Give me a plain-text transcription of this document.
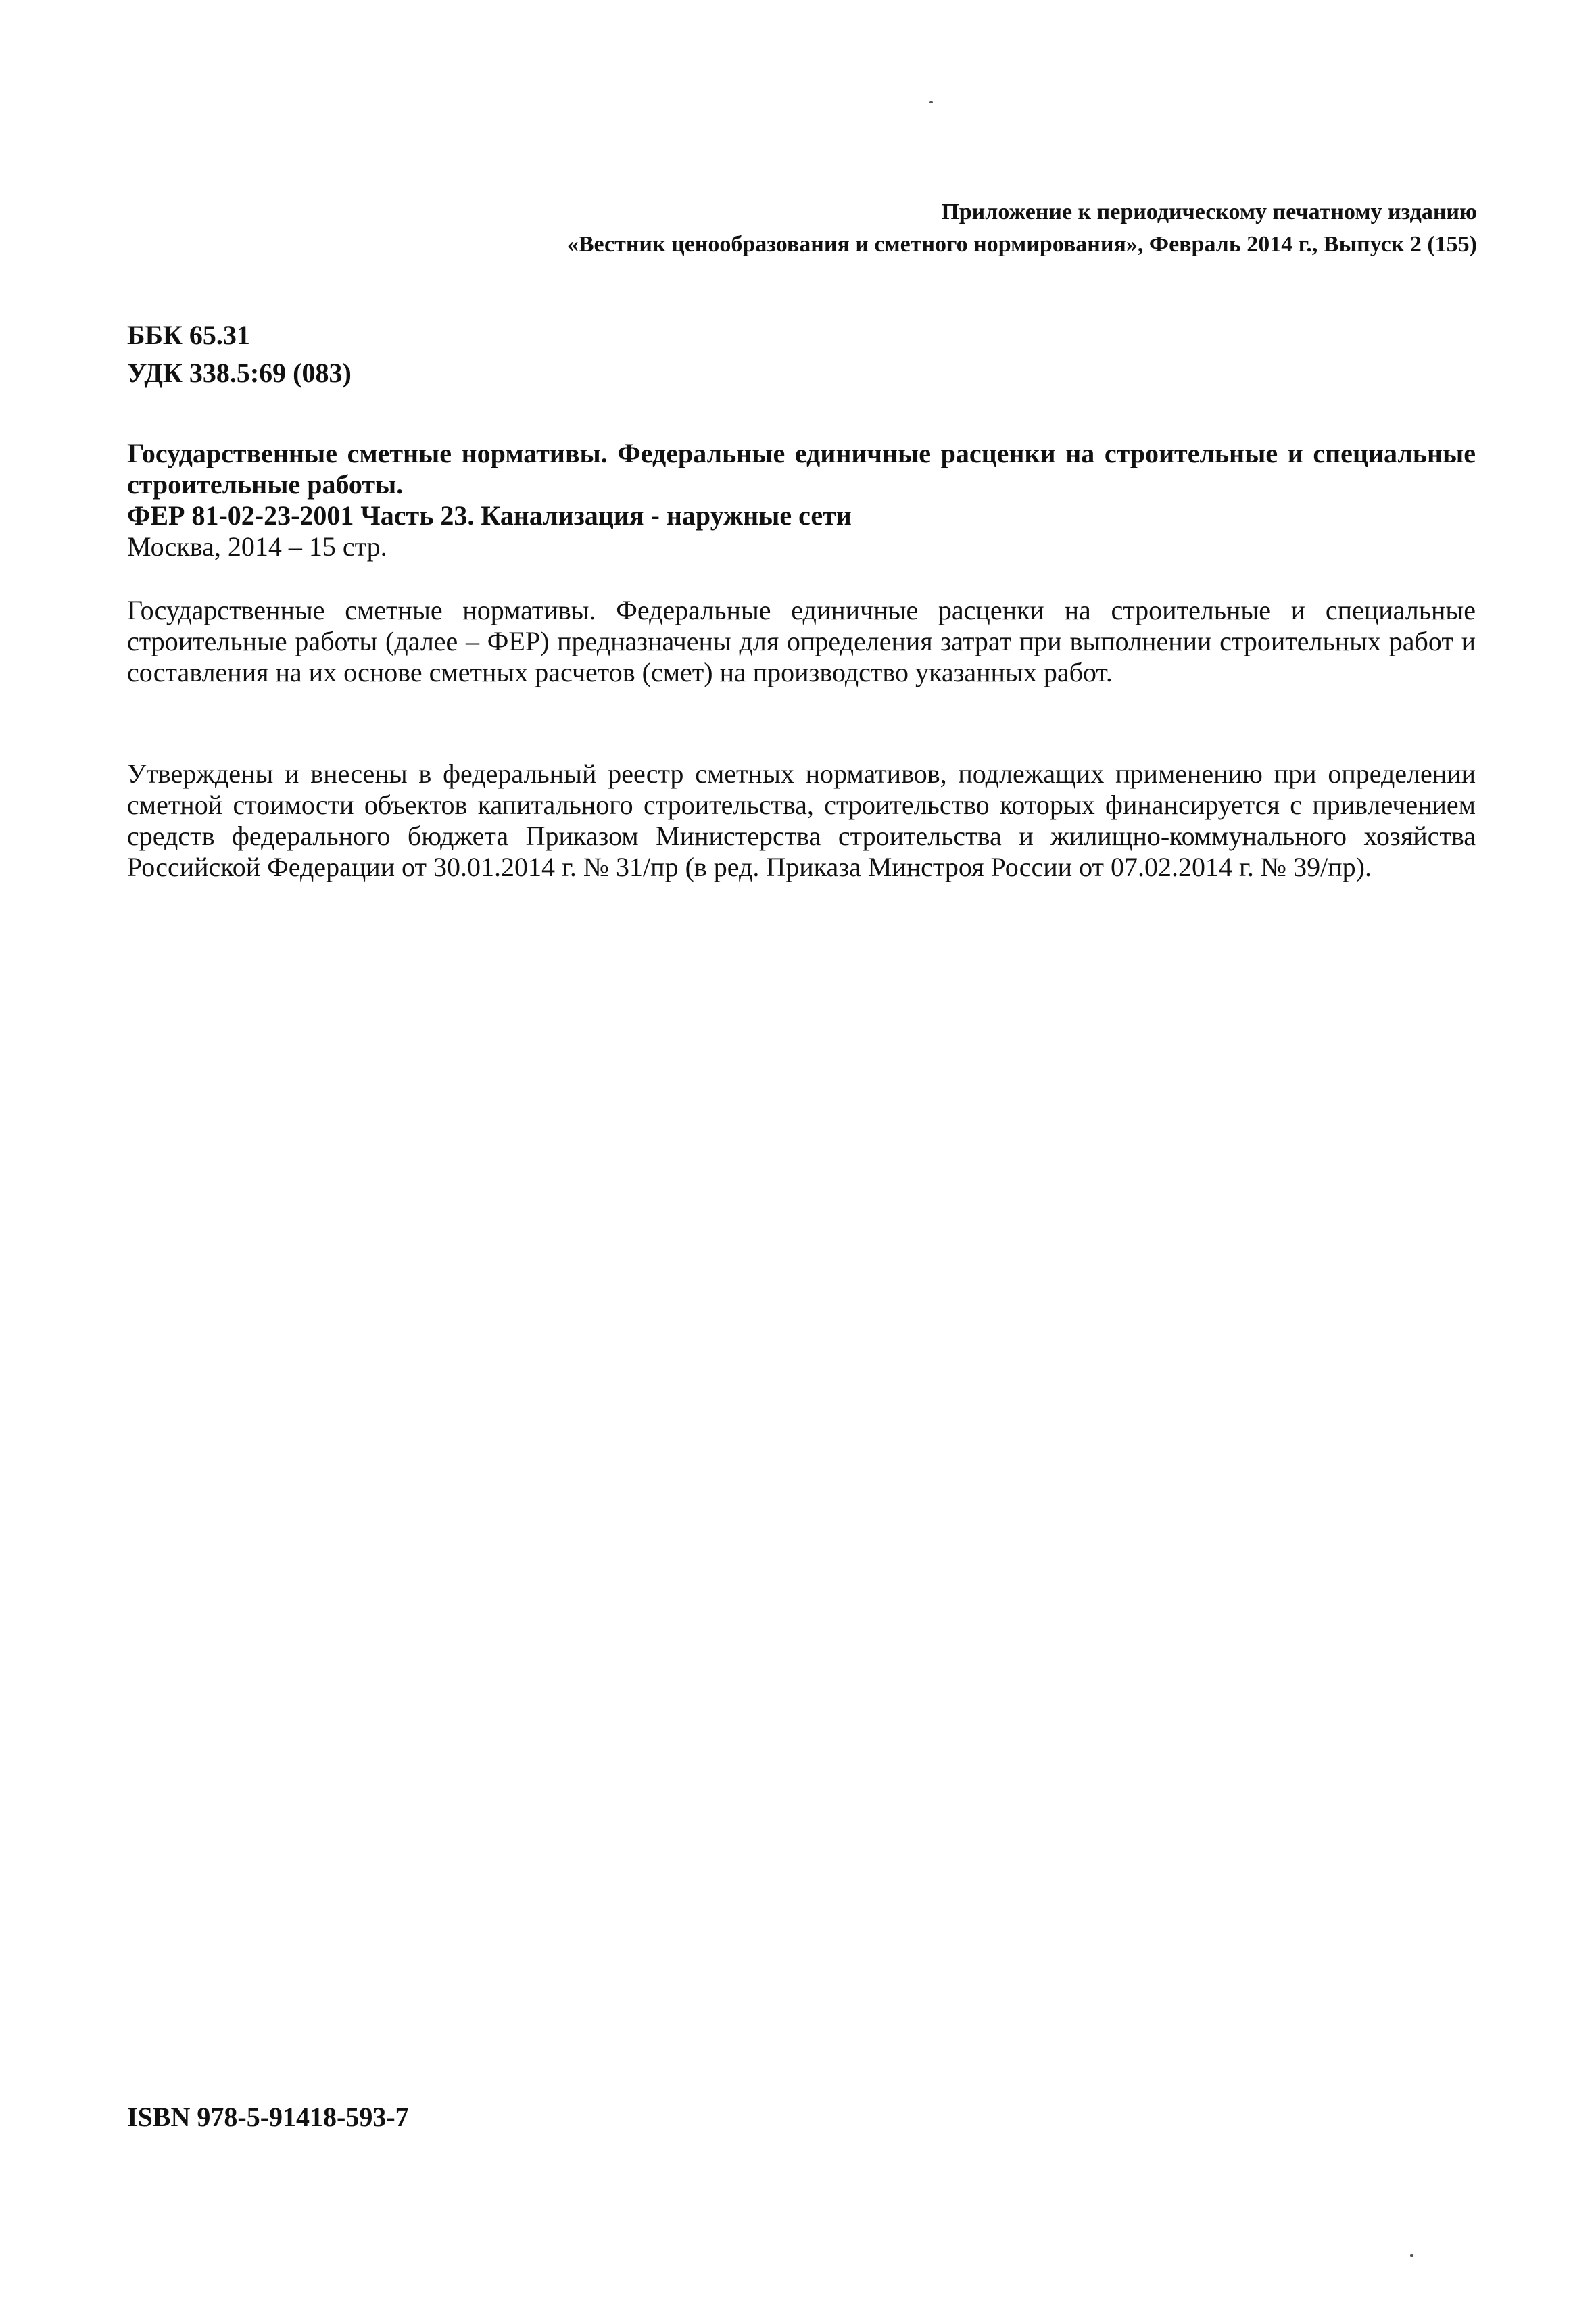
Приложение к периодическому печатному изданию
«Вестник ценообразования и сметного нормирования», Февраль 2014 г., Выпуск 2 (155)
ББК 65.31
УДК 338.5:69 (083)
Государственные сметные нормативы. Федеральные единичные расценки на строительные и специальные строительные работы.
ФЕР 81-02-23-2001 Часть 23. Канализация - наружные сети
Москва, 2014 – 15 стр.
Государственные сметные нормативы. Федеральные единичные расценки на строительные и специальные строительные работы (далее – ФЕР) предназначены для определения затрат при выполнении строительных работ и составления на их основе сметных расчетов (смет) на производство указанных работ.
Утверждены и внесены в федеральный реестр сметных нормативов, подлежащих применению при определении сметной стоимости объектов капитального строительства, строительство которых финансируется с привлечением средств федерального бюджета Приказом Министерства строительства и жилищно-коммунального хозяйства Российской Федерации от 30.01.2014 г. № 31/пр (в ред. Приказа Минстроя России от 07.02.2014 г. № 39/пр).
ISBN 978-5-91418-593-7
